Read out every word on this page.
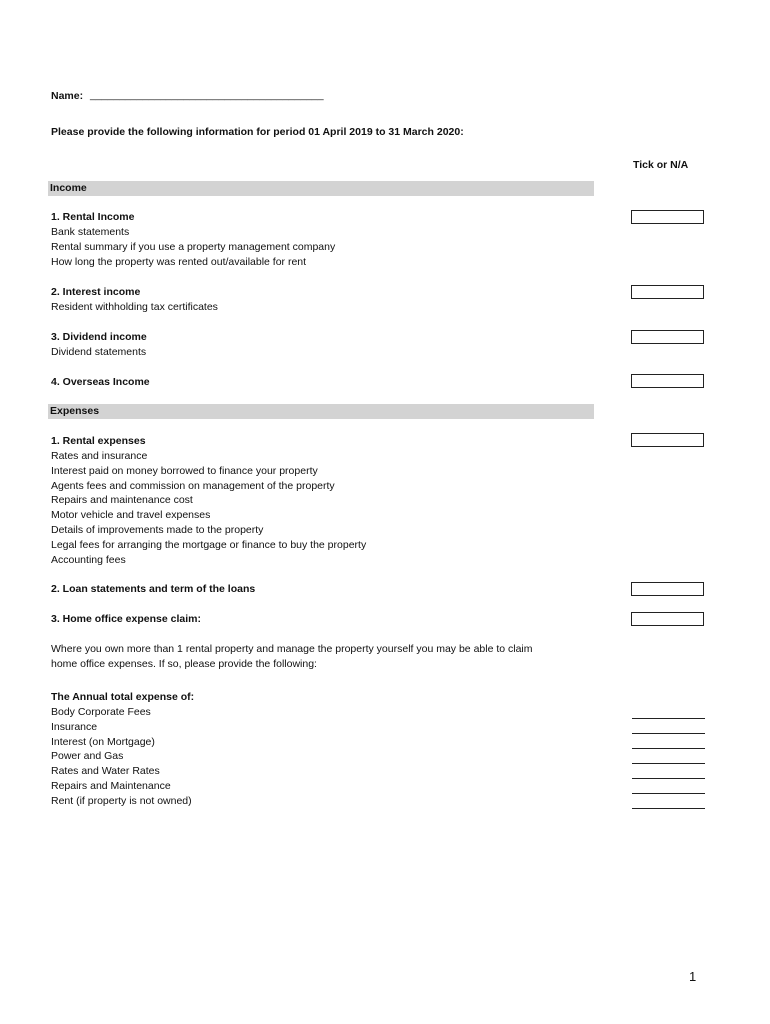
Name: ________________________________________
Please provide the following information for period 01 April 2019 to 31 March 2020:
Tick or N/A
Income
1. Rental Income
Bank statements
Rental summary if you use a property management company
How long the property was rented out/available for rent
2. Interest income
Resident withholding tax certificates
3. Dividend income
Dividend statements
4. Overseas Income
Expenses
1. Rental expenses
Rates and insurance
Interest paid on money borrowed to finance your property
Agents fees and commission on management of the property
Repairs and maintenance cost
Motor vehicle and travel expenses
Details of improvements made to the property
Legal fees for arranging the mortgage or finance to buy the property
Accounting fees
2. Loan statements and term of the loans
3. Home office expense claim:
Where you own more than 1 rental property and manage the property yourself you may be able to claim
home office expenses. If so, please provide the following:
The Annual total expense of:
Body Corporate Fees
Insurance
Interest (on Mortgage)
Power and Gas
Rates and Water Rates
Repairs and Maintenance
Rent (if property is not owned)
1
